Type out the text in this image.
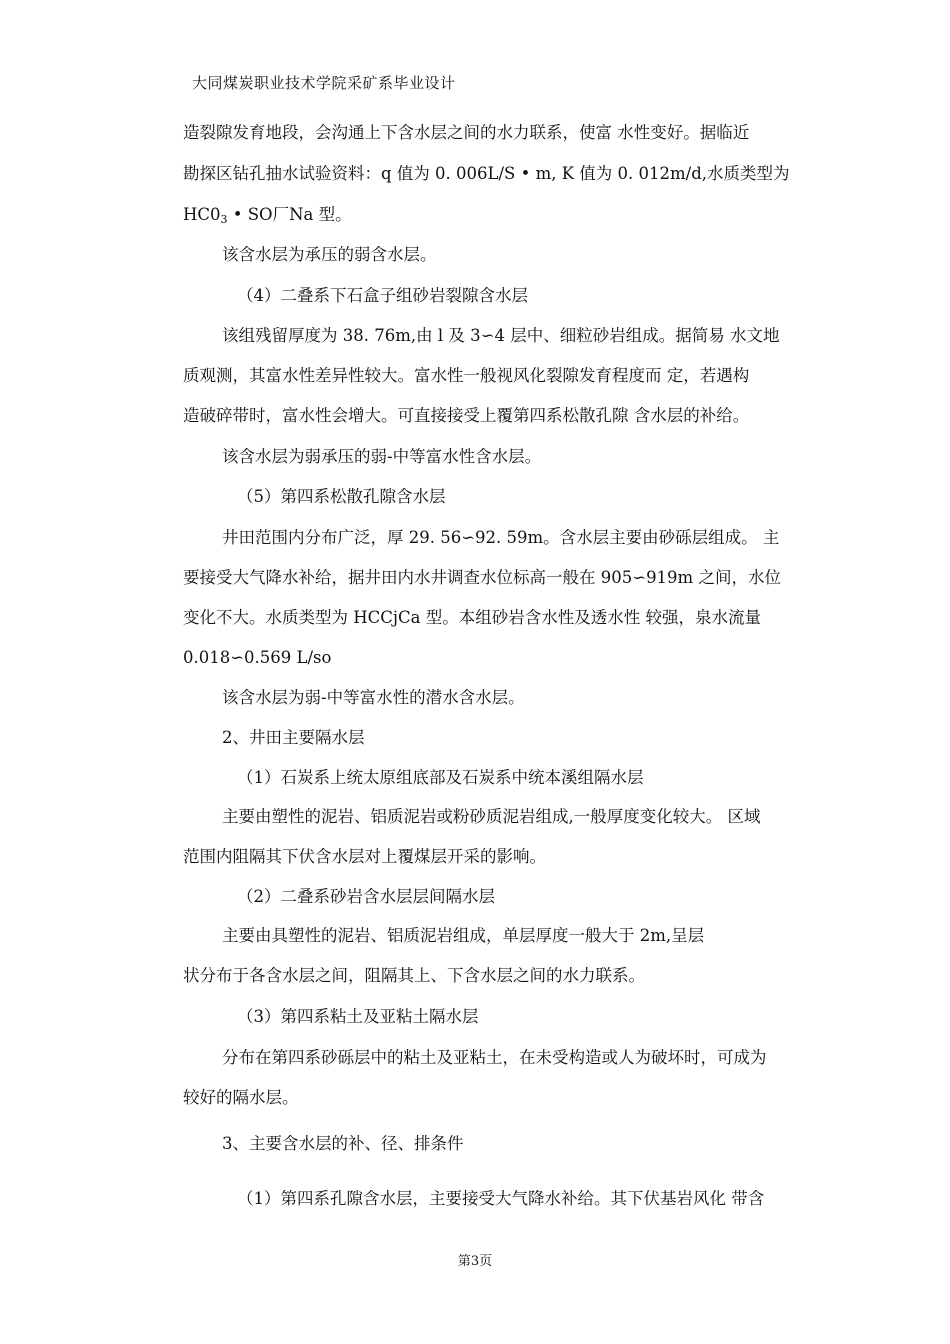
大同煤炭职业技术学院采矿系毕业设计
造裂隙发育地段，会沟通上下含水层之间的水力联系，使富 水性变好。据临近
勘探区钻孔抽水试验资料：q 值为 0. 006L/S • m, K 值为 0. 012m/d,水质类型为
$HC0_3$ • SO厂Na 型。
该含水层为承压的弱含水层。
（4）二叠系下石盒子组砂岩裂隙含水层
该组残留厚度为 38. 76m,由 l 及 3∽4 层中、细粒砂岩组成。据简易 水文地
质观测，其富水性差异性较大。富水性一般视风化裂隙发育程度而 定，若遇构
造破碎带时，富水性会增大。可直接接受上覆第四系松散孔隙 含水层的补给。
该含水层为弱承压的弱-中等富水性含水层。
（5）第四系松散孔隙含水层
井田范围内分布广泛，厚 29. 56∽92. 59m。含水层主要由砂砾层组成。 主
要接受大气降水补给，据井田内水井调查水位标高一般在 905∽919m 之间，水位
变化不大。水质类型为 HCCjCa 型。本组砂岩含水性及透水性 较强，泉水流量
0.018∽0.569 L/so
该含水层为弱-中等富水性的潜水含水层。
2、井田主要隔水层
（1）石炭系上统太原组底部及石炭系中统本溪组隔水层
主要由塑性的泥岩、铝质泥岩或粉砂质泥岩组成,一般厚度变化较大。 区域
范围内阻隔其下伏含水层对上覆煤层开采的影响。
（2）二叠系砂岩含水层层间隔水层
主要由具塑性的泥岩、铝质泥岩组成，单层厚度一般大于 2m,呈层
状分布于各含水层之间，阻隔其上、下含水层之间的水力联系。
（3）第四系粘土及亚粘土隔水层
分布在第四系砂砾层中的粘土及亚粘土，在未受构造或人为破坏时，可成为
较好的隔水层。
3、主要含水层的补、径、排条件
（1）第四系孔隙含水层，主要接受大气降水补给。其下伏基岩风化 带含
第3页
